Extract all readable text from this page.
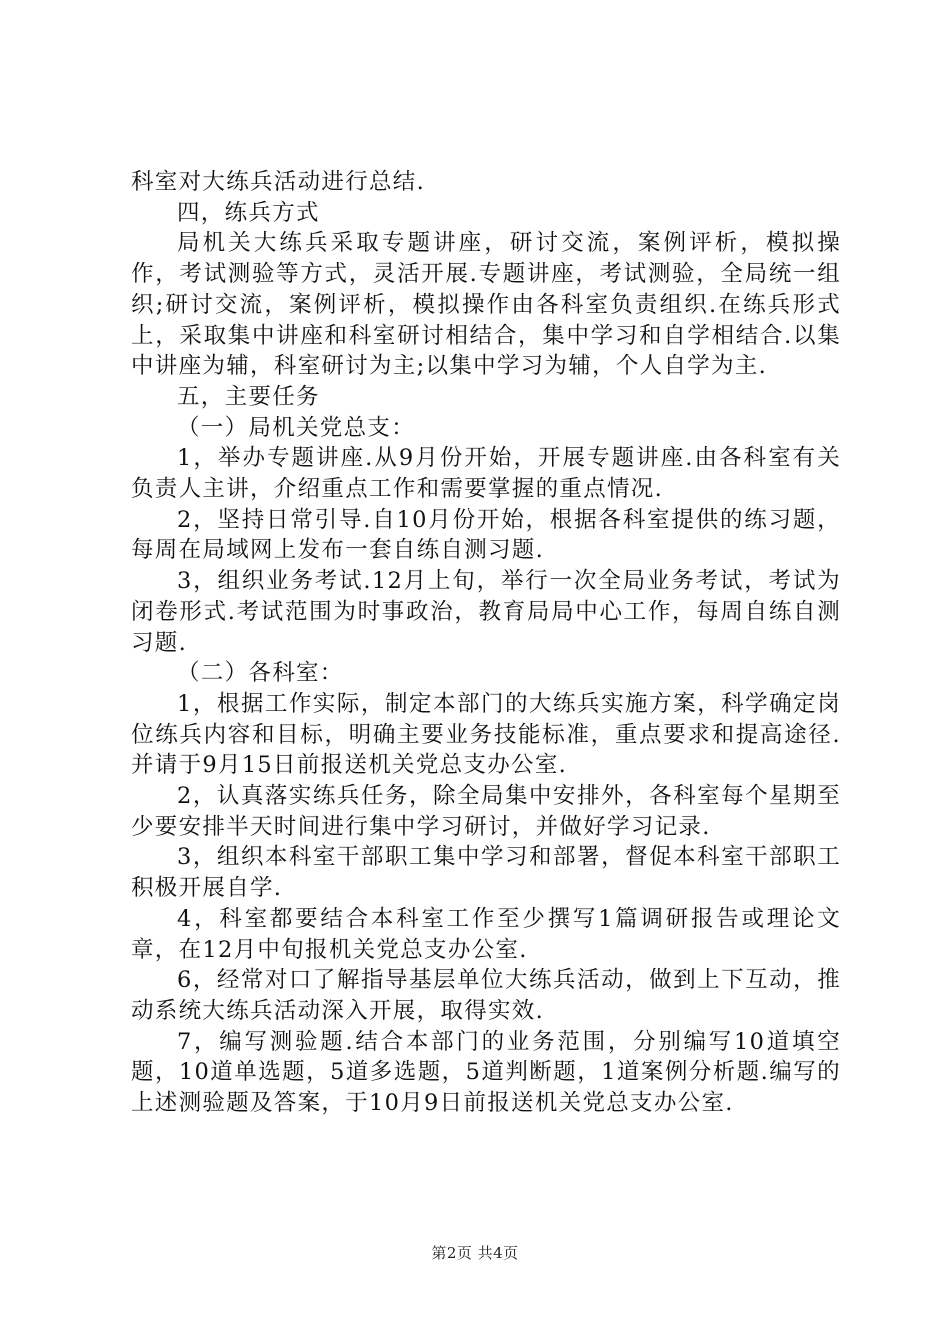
科室对大练兵活动进行总结.

四，练兵方式

局机关大练兵采取专题讲座，研讨交流，案例评析，模拟操作，考试测验等方式，灵活开展.专题讲座，考试测验，全局统一组织;研讨交流，案例评析，模拟操作由各科室负责组织.在练兵形式上，采取集中讲座和科室研讨相结合，集中学习和自学相结合.以集中讲座为辅，科室研讨为主;以集中学习为辅，个人自学为主.

五，主要任务

（一）局机关党总支：

1，举办专题讲座.从9月份开始，开展专题讲座.由各科室有关负责人主讲，介绍重点工作和需要掌握的重点情况.

2，坚持日常引导.自10月份开始，根据各科室提供的练习题，每周在局域网上发布一套自练自测习题.

3，组织业务考试.12月上旬，举行一次全局业务考试，考试为闭卷形式.考试范围为时事政治，教育局局中心工作，每周自练自测习题.

（二）各科室：

1，根据工作实际，制定本部门的大练兵实施方案，科学确定岗位练兵内容和目标，明确主要业务技能标准，重点要求和提高途径.并请于9月15日前报送机关党总支办公室.

2，认真落实练兵任务，除全局集中安排外，各科室每个星期至少要安排半天时间进行集中学习研讨，并做好学习记录.

3，组织本科室干部职工集中学习和部署，督促本科室干部职工积极开展自学.

4，科室都要结合本科室工作至少撰写1篇调研报告或理论文章，在12月中旬报机关党总支办公室.

6，经常对口了解指导基层单位大练兵活动，做到上下互动，推动系统大练兵活动深入开展，取得实效.

7，编写测验题.结合本部门的业务范围，分别编写10道填空题，10道单选题，5道多选题，5道判断题，1道案例分析题.编写的上述测验题及答案，于10月9日前报送机关党总支办公室.

第2页 共4页
